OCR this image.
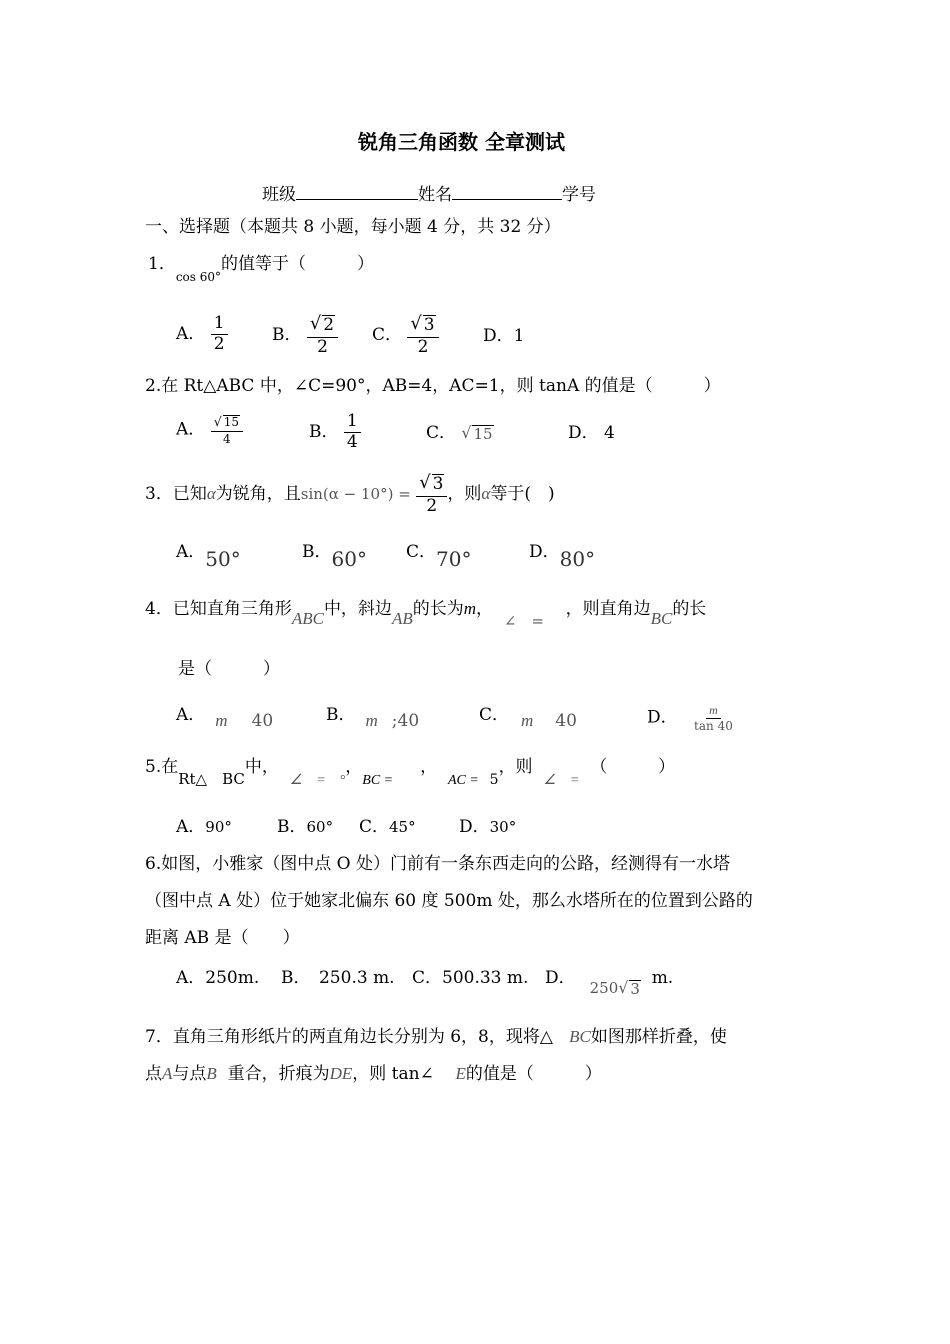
锐角三角函数 全章测试
班级	姓名	学号
一、选择题（本题共 8 小题，每小题 4 分，共 32 分）
1．$_{cos 60^\circ}$的值等于（　　　）
A． $\frac{1}{2}$	B． $\frac{√ 2}{2}$ C． $\frac{√ 3}{2}$	D．1
2.在 Rt△ABC 中，∠C=90°，AB=4，AC=1，则 tanA 的值是（　　　）
A． $\frac{√ 15}{4}$	B． $\frac{1}{4}$	C． √ 15	D． 4
3．已知α为锐角，且$\sin(\alpha - 10^\circ) = \frac{√ 3}{2}$ ，则α等于(　)
A．50°	B．60° C．70°	D．80°
4．已知直角三角形ABC中，斜边AB的长为m，  ∠　=    ，则直角边BC的长
是（　　　）
A． m 40	B． m ;40	C． m 40	D． $\frac{m}{\tan 40}$
5.在Rt△　BC中，  $_{\angle = ^\circ}$，$_{BC =}$     ，  $_{AC =}$ $_5$，则  $_{\angle =}$  （　　　）
A．90°	B．60° C．45°	D．30°
6.如图，小雅家（图中点 O 处）门前有一条东西走向的公路，经测得有一水塔
（图中点 A 处）位于她家北偏东 60 度 500m 处，那么水塔所在的位置到公路的
距离 AB 是（　　）
A．250m. B．　250.3 m. C．500.33 m. D． 250 √ 3
m.
7．直角三角形纸片的两直角边长分别为 6，8，现将△ BC如图那样折叠，使
点A与点B 重合，折痕为DE，则 tan∠ E的值是（　　　）
